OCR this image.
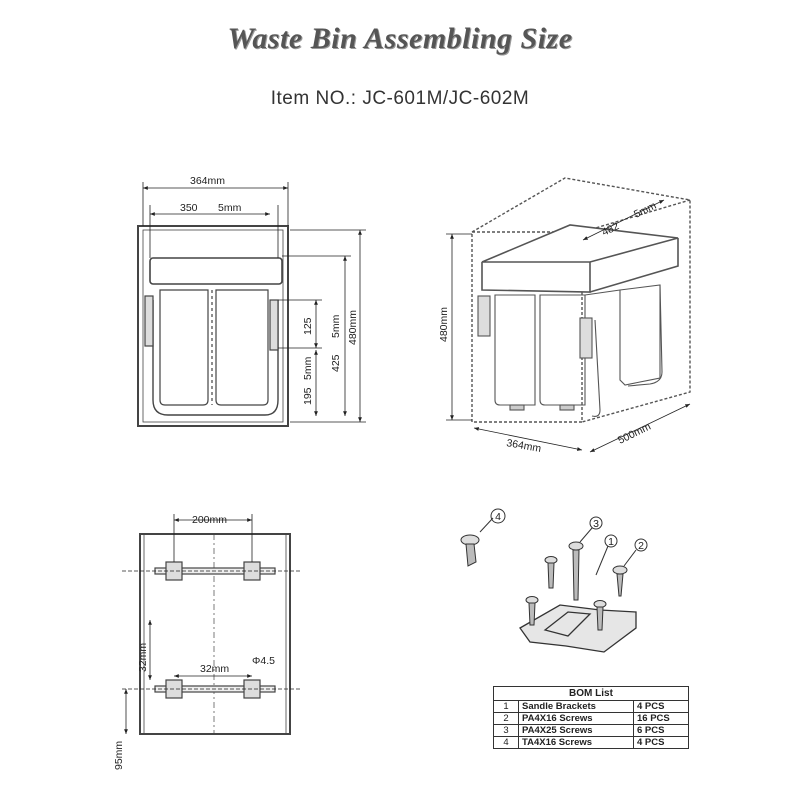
Waste Bin Assembling Size
Item NO.: JC-601M/JC-602M
364mm
350 5mm
125 5mm
5mm 425
480mm
195
482
5mm
480mm
364mm	500mm
200mm
32mm	32mm
Φ4.5
95mm
4
3
1 2
BOM List		
1	Sandle Brackets	4 PCS
2	PA4X16 Screws	16 PCS
3	PA4X25 Screws	6 PCS
4	TA4X16 Screws	4 PCS
